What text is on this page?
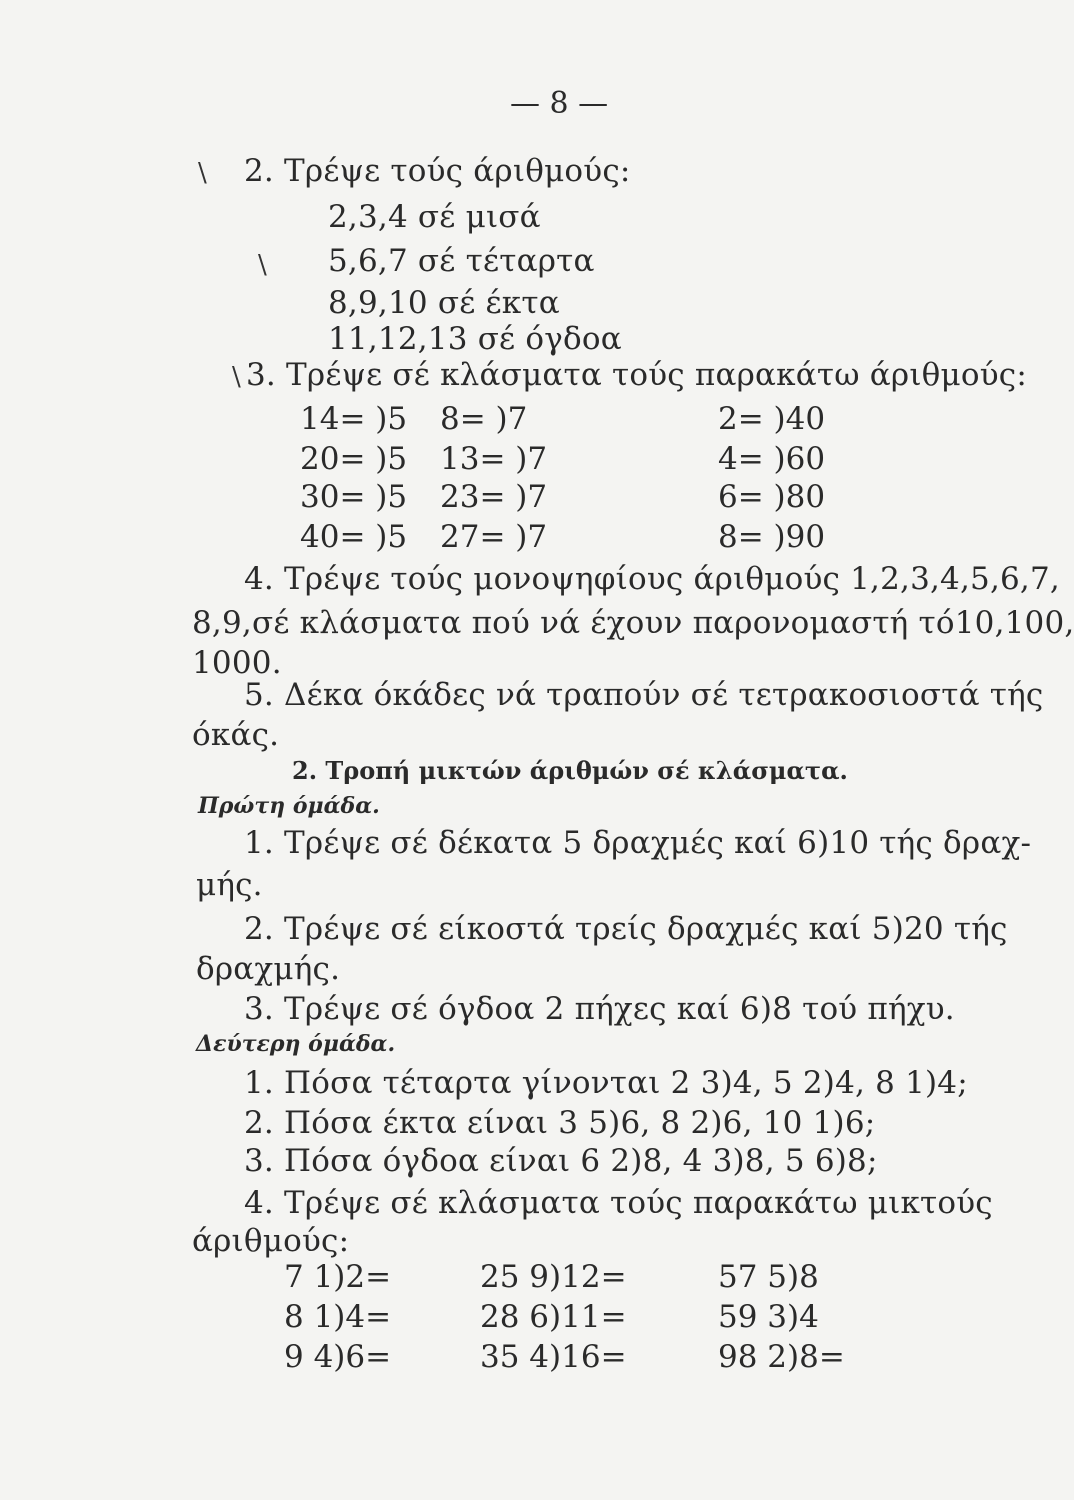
— 8 —
\ 2. Τρέψε τούς άριθμούς:
2,3,4 σέ μισά
\ 5,6,7 σέ τέταρτα
8,9,10 σέ έκτα
11,12,13 σέ όγδοα
\ 3. Τρέψε σέ κλάσματα τούς παρακάτω άριθμούς:
14= )5
20= )5
30= )5
40= )5
8= )7
13= )7
23= )7
27= )7
2= )40
4= )60
6= )80
8= )90
4. Τρέψε τούς μονοψηφίους άριθμούς 1,2,3,4,5,6,7,
8,9,σέ κλάσματα πού νά έχουν παρονομαστή τό10,100,
1000.
5. Δέκα όκάδες νά τραπούν σέ τετρακοσιοστά τής
όκάς.
2. Τροπή μικτών άριθμών σέ κλάσματα.
Πρώτη όμάδα.
1. Τρέψε σέ δέκατα 5 δραχμές καί 6)10 τής δραχ-
μής.
2. Τρέψε σέ είκοστά τρείς δραχμές καί 5)20 τής
δραχμής.
3. Τρέψε σέ όγδοα 2 πήχες καί 6)8 τού πήχυ.
Δεύτερη όμάδα.
1. Πόσα τέταρτα γίνονται 2 3)4, 5 2)4, 8 1)4;
2. Πόσα έκτα είναι 3 5)6, 8 2)6, 10 1)6;
3. Πόσα όγδοα είναι 6 2)8, 4 3)8, 5 6)8;
4. Τρέψε σέ κλάσματα τούς παρακάτω μικτούς
άριθμούς:
7 1)2=
8 1)4=
9 4)6=
25 9)12=
28 6)11=
35 4)16=
57 5)8
59 3)4
98 2)8=
